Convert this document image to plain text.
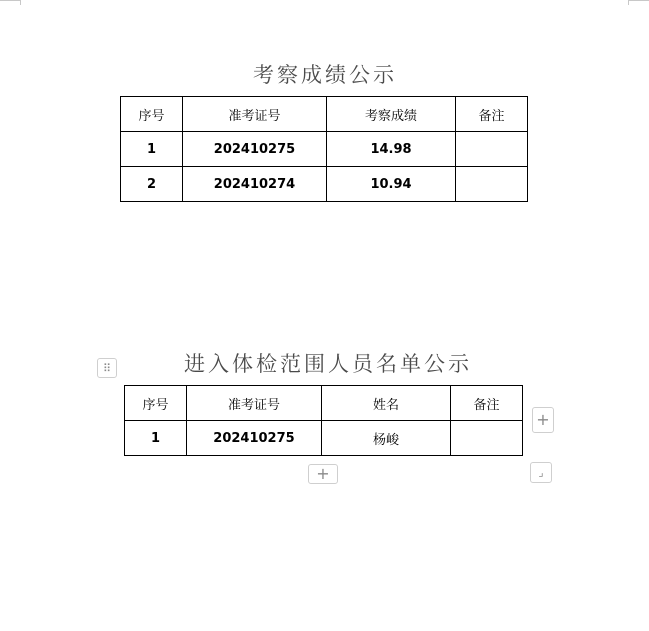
考察成绩公示
序号	准考证号	考察成绩	备注
1	202410275	14.98	
2	202410274	10.94	
⠿	进入体检范围人员名单公示
序号	准考证号	姓名	备注
1	202410275	杨峻	
+
+	⌟
